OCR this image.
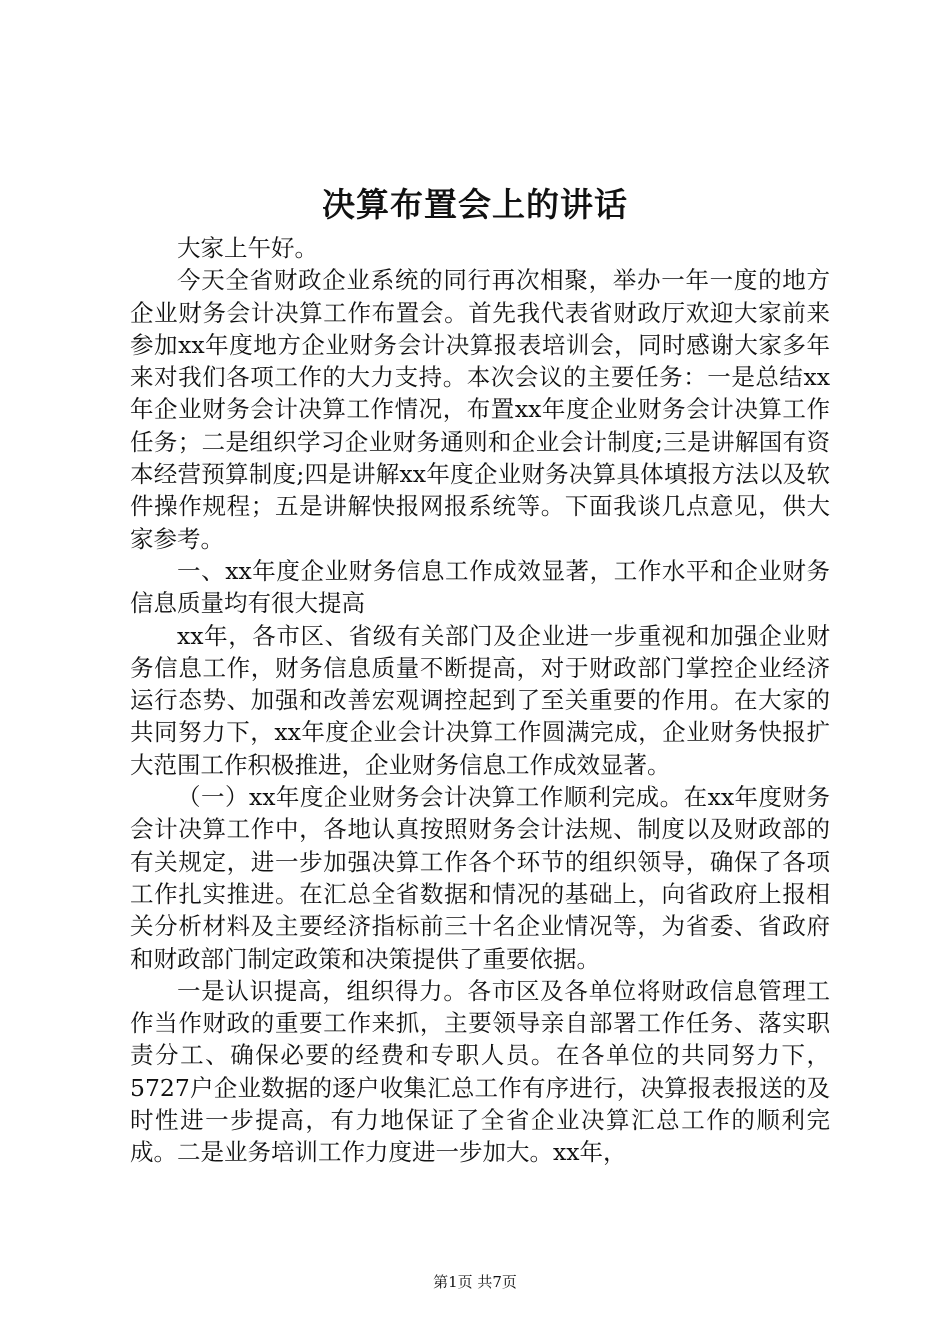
决算布置会上的讲话

大家上午好。

今天全省财政企业系统的同行再次相聚，举办一年一度的地方企业财务会计决算工作布置会。首先我代表省财政厅欢迎大家前来参加xx年度地方企业财务会计决算报表培训会，同时感谢大家多年来对我们各项工作的大力支持。本次会议的主要任务：一是总结xx年企业财务会计决算工作情况，布置xx年度企业财务会计决算工作任务；二是组织学习企业财务通则和企业会计制度;三是讲解国有资本经营预算制度;四是讲解xx年度企业财务决算具体填报方法以及软件操作规程；五是讲解快报网报系统等。下面我谈几点意见，供大家参考。

一、xx年度企业财务信息工作成效显著，工作水平和企业财务信息质量均有很大提高

xx年，各市区、省级有关部门及企业进一步重视和加强企业财务信息工作，财务信息质量不断提高，对于财政部门掌控企业经济运行态势、加强和改善宏观调控起到了至关重要的作用。在大家的共同努力下，xx年度企业会计决算工作圆满完成，企业财务快报扩大范围工作积极推进，企业财务信息工作成效显著。

（一）xx年度企业财务会计决算工作顺利完成。在xx年度财务会计决算工作中，各地认真按照财务会计法规、制度以及财政部的有关规定，进一步加强决算工作各个环节的组织领导，确保了各项工作扎实推进。在汇总全省数据和情况的基础上，向省政府上报相关分析材料及主要经济指标前三十名企业情况等，为省委、省政府和财政部门制定政策和决策提供了重要依据。

一是认识提高，组织得力。各市区及各单位将财政信息管理工作当作财政的重要工作来抓，主要领导亲自部署工作任务、落实职责分工、确保必要的经费和专职人员。在各单位的共同努力下，5727户企业数据的逐户收集汇总工作有序进行，决算报表报送的及时性进一步提高，有力地保证了全省企业决算汇总工作的顺利完成。二是业务培训工作力度进一步加大。xx年，

第1页 共7页
